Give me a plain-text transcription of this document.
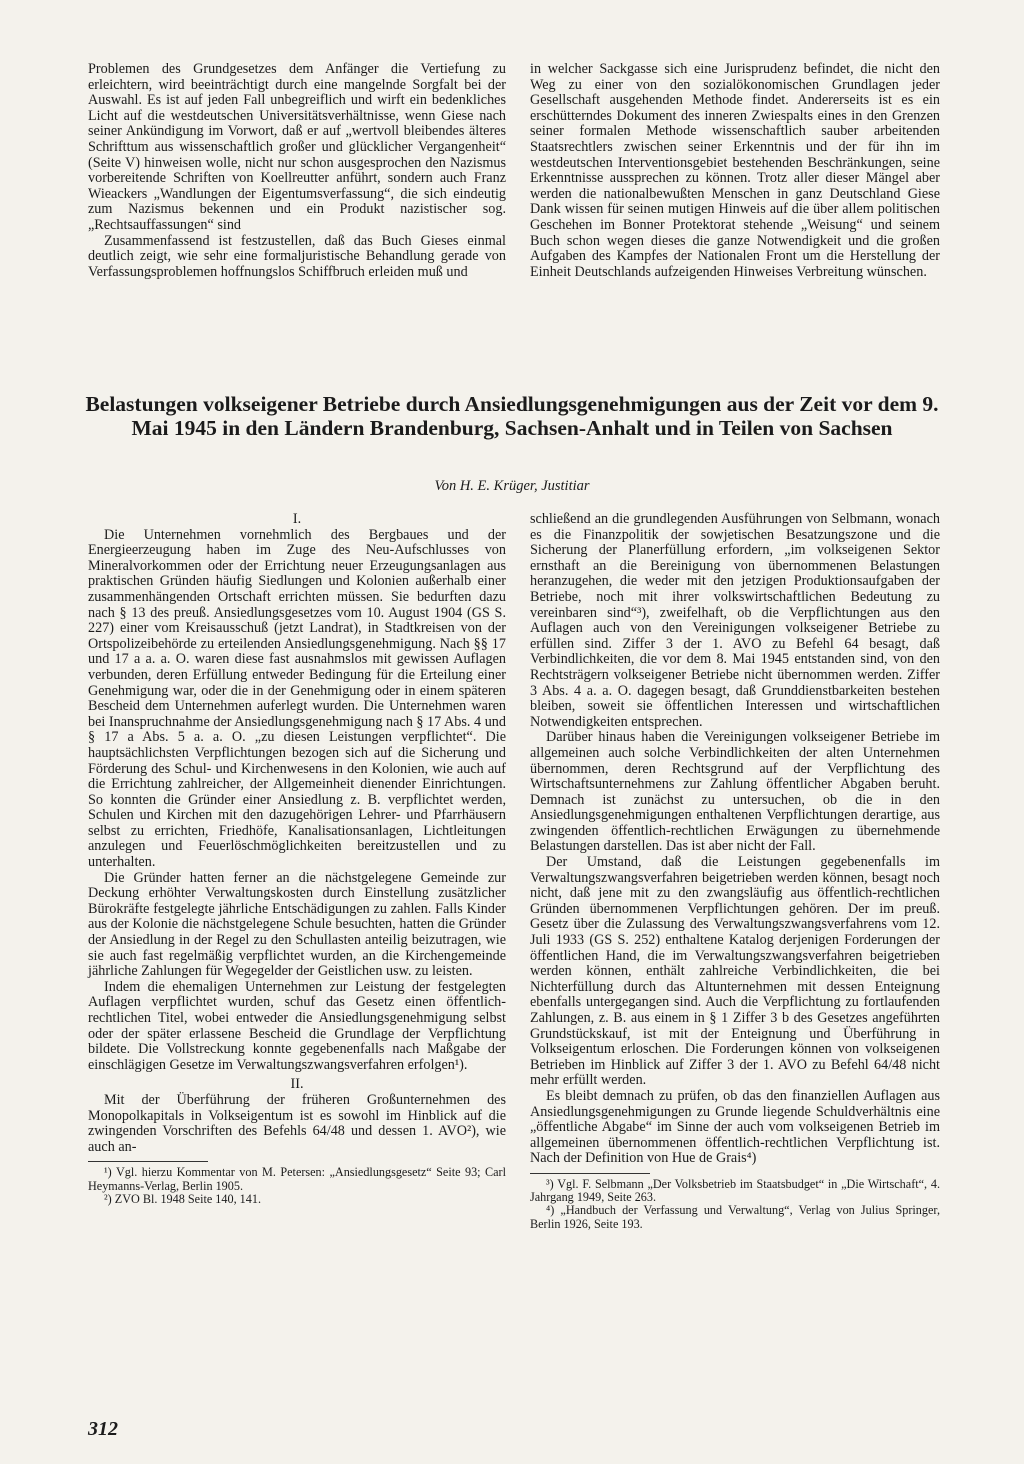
Problemen des Grundgesetzes dem Anfänger die Vertiefung zu erleichtern, wird beeinträchtigt durch eine mangelnde Sorgfalt bei der Auswahl. Es ist auf jeden Fall unbegreiflich und wirft ein bedenkliches Licht auf die westdeutschen Universitätsverhältnisse, wenn Giese nach seiner Ankündigung im Vorwort, daß er auf „wertvoll bleibendes älteres Schrifttum aus wissenschaftlich großer und glücklicher Vergangenheit“ (Seite V) hinweisen wolle, nicht nur schon ausgesprochen den Nazismus vorbereitende Schriften von Koellreutter anführt, sondern auch Franz Wieackers „Wandlungen der Eigentumsverfassung“, die sich eindeutig zum Nazismus bekennen und ein Produkt nazistischer sog. „Rechtsauffassungen“ sind

Zusammenfassend ist festzustellen, daß das Buch Gieses einmal deutlich zeigt, wie sehr eine formaljuristische Behandlung gerade von Verfassungsproblemen hoffnungslos Schiffbruch erleiden muß und

in welcher Sackgasse sich eine Jurisprudenz befindet, die nicht den Weg zu einer von den sozialökonomischen Grundlagen jeder Gesellschaft ausgehenden Methode findet. Andererseits ist es ein erschütterndes Dokument des inneren Zwiespalts eines in den Grenzen seiner formalen Methode wissenschaftlich sauber arbeitenden Staatsrechtlers zwischen seiner Erkenntnis und der für ihn im westdeutschen Interventionsgebiet bestehenden Beschränkungen, seine Erkenntnisse aussprechen zu können. Trotz aller dieser Mängel aber werden die nationalbewußten Menschen in ganz Deutschland Giese Dank wissen für seinen mutigen Hinweis auf die über allem politischen Geschehen im Bonner Protektorat stehende „Weisung“ und seinem Buch schon wegen dieses die ganze Notwendigkeit und die großen Aufgaben des Kampfes der Nationalen Front um die Herstellung der Einheit Deutschlands aufzeigenden Hinweises Verbreitung wünschen.

Belastungen volkseigener Betriebe durch Ansiedlungsgenehmigungen aus der Zeit vor dem 9. Mai 1945 in den Ländern Brandenburg, Sachsen-Anhalt und in Teilen von Sachsen
Von H. E. Krüger, Justitiar

I.

Die Unternehmen vornehmlich des Bergbaues und der Energieerzeugung haben im Zuge des Neu-Aufschlusses von Mineralvorkommen oder der Errichtung neuer Erzeugungsanlagen aus praktischen Gründen häufig Siedlungen und Kolonien außerhalb einer zusammenhängenden Ortschaft errichten müssen. Sie bedurften dazu nach § 13 des preuß. Ansiedlungsgesetzes vom 10. August 1904 (GS S. 227) einer vom Kreisausschuß (jetzt Landrat), in Stadtkreisen von der Ortspolizeibehörde zu erteilenden Ansiedlungsgenehmigung. Nach §§ 17 und 17 a a. a. O. waren diese fast ausnahmslos mit gewissen Auflagen verbunden, deren Erfüllung entweder Bedingung für die Erteilung einer Genehmigung war, oder die in der Genehmigung oder in einem späteren Bescheid dem Unternehmen auferlegt wurden. Die Unternehmen waren bei Inanspruchnahme der Ansiedlungsgenehmigung nach § 17 Abs. 4 und § 17 a Abs. 5 a. a. O. „zu diesen Leistungen verpflichtet“. Die hauptsächlichsten Verpflichtungen bezogen sich auf die Sicherung und Förderung des Schul- und Kirchenwesens in den Kolonien, wie auch auf die Errichtung zahlreicher, der Allgemeinheit dienender Einrichtungen. So konnten die Gründer einer Ansiedlung z. B. verpflichtet werden, Schulen und Kirchen mit den dazugehörigen Lehrer- und Pfarrhäusern selbst zu errichten, Friedhöfe, Kanalisationsanlagen, Lichtleitungen anzulegen und Feuerlöschmöglichkeiten bereitzustellen und zu unterhalten.

Die Gründer hatten ferner an die nächstgelegene Gemeinde zur Deckung erhöhter Verwaltungskosten durch Einstellung zusätzlicher Bürokräfte festgelegte jährliche Entschädigungen zu zahlen. Falls Kinder aus der Kolonie die nächstgelegene Schule besuchten, hatten die Gründer der Ansiedlung in der Regel zu den Schullasten anteilig beizutragen, wie sie auch fast regelmäßig verpflichtet wurden, an die Kirchengemeinde jährliche Zahlungen für Wegegelder der Geistlichen usw. zu leisten.

Indem die ehemaligen Unternehmen zur Leistung der festgelegten Auflagen verpflichtet wurden, schuf das Gesetz einen öffentlich-rechtlichen Titel, wobei entweder die Ansiedlungsgenehmigung selbst oder der später erlassene Bescheid die Grundlage der Verpflichtung bildete. Die Vollstreckung konnte gegebenenfalls nach Maßgabe der einschlägigen Gesetze im Verwaltungszwangsverfahren erfolgen¹).

II.

Mit der Überführung der früheren Großunternehmen des Monopolkapitals in Volkseigentum ist es sowohl im Hinblick auf die zwingenden Vorschriften des Befehls 64/48 und dessen 1. AVO²), wie auch an-

¹) Vgl. hierzu Kommentar von M. Petersen: „Ansiedlungsgesetz“ Seite 93; Carl Heymanns-Verlag, Berlin 1905.

²) ZVO Bl. 1948 Seite 140, 141.

schließend an die grundlegenden Ausführungen von Selbmann, wonach es die Finanzpolitik der sowjetischen Besatzungszone und die Sicherung der Planerfüllung erfordern, „im volkseigenen Sektor ernsthaft an die Bereinigung von übernommenen Belastungen heranzugehen, die weder mit den jetzigen Produktionsaufgaben der Betriebe, noch mit ihrer volkswirtschaftlichen Bedeutung zu vereinbaren sind“³), zweifelhaft, ob die Verpflichtungen aus den Auflagen auch von den Vereinigungen volkseigener Betriebe zu erfüllen sind. Ziffer 3 der 1. AVO zu Befehl 64 besagt, daß Verbindlichkeiten, die vor dem 8. Mai 1945 entstanden sind, von den Rechtsträgern volkseigener Betriebe nicht übernommen werden. Ziffer 3 Abs. 4 a. a. O. dagegen besagt, daß Grunddienstbarkeiten bestehen bleiben, soweit sie öffentlichen Interessen und wirtschaftlichen Notwendigkeiten entsprechen.

Darüber hinaus haben die Vereinigungen volkseigener Betriebe im allgemeinen auch solche Verbindlichkeiten der alten Unternehmen übernommen, deren Rechtsgrund auf der Verpflichtung des Wirtschaftsunternehmens zur Zahlung öffentlicher Abgaben beruht. Demnach ist zunächst zu untersuchen, ob die in den Ansiedlungsgenehmigungen enthaltenen Verpflichtungen derartige, aus zwingenden öffentlich-rechtlichen Erwägungen zu übernehmende Belastungen darstellen. Das ist aber nicht der Fall.

Der Umstand, daß die Leistungen gegebenenfalls im Verwaltungszwangsverfahren beigetrieben werden können, besagt noch nicht, daß jene mit zu den zwangsläufig aus öffentlich-rechtlichen Gründen übernommenen Verpflichtungen gehören. Der im preuß. Gesetz über die Zulassung des Verwaltungszwangsverfahrens vom 12. Juli 1933 (GS S. 252) enthaltene Katalog derjenigen Forderungen der öffentlichen Hand, die im Verwaltungszwangsverfahren beigetrieben werden können, enthält zahlreiche Verbindlichkeiten, die bei Nichterfüllung durch das Altunternehmen mit dessen Enteignung ebenfalls untergegangen sind. Auch die Verpflichtung zu fortlaufenden Zahlungen, z. B. aus einem in § 1 Ziffer 3 b des Gesetzes angeführten Grundstückskauf, ist mit der Enteignung und Überführung in Volkseigentum erloschen. Die Forderungen können von volkseigenen Betrieben im Hinblick auf Ziffer 3 der 1. AVO zu Befehl 64/48 nicht mehr erfüllt werden.

Es bleibt demnach zu prüfen, ob das den finanziellen Auflagen aus Ansiedlungsgenehmigungen zu Grunde liegende Schuldverhältnis eine „öffentliche Abgabe“ im Sinne der auch vom volkseigenen Betrieb im allgemeinen übernommenen öffentlich-rechtlichen Verpflichtung ist. Nach der Definition von Hue de Grais⁴)

³) Vgl. F. Selbmann „Der Volksbetrieb im Staatsbudget“ in „Die Wirtschaft“, 4. Jahrgang 1949, Seite 263.

⁴) „Handbuch der Verfassung und Verwaltung“, Verlag von Julius Springer, Berlin 1926, Seite 193.

312
